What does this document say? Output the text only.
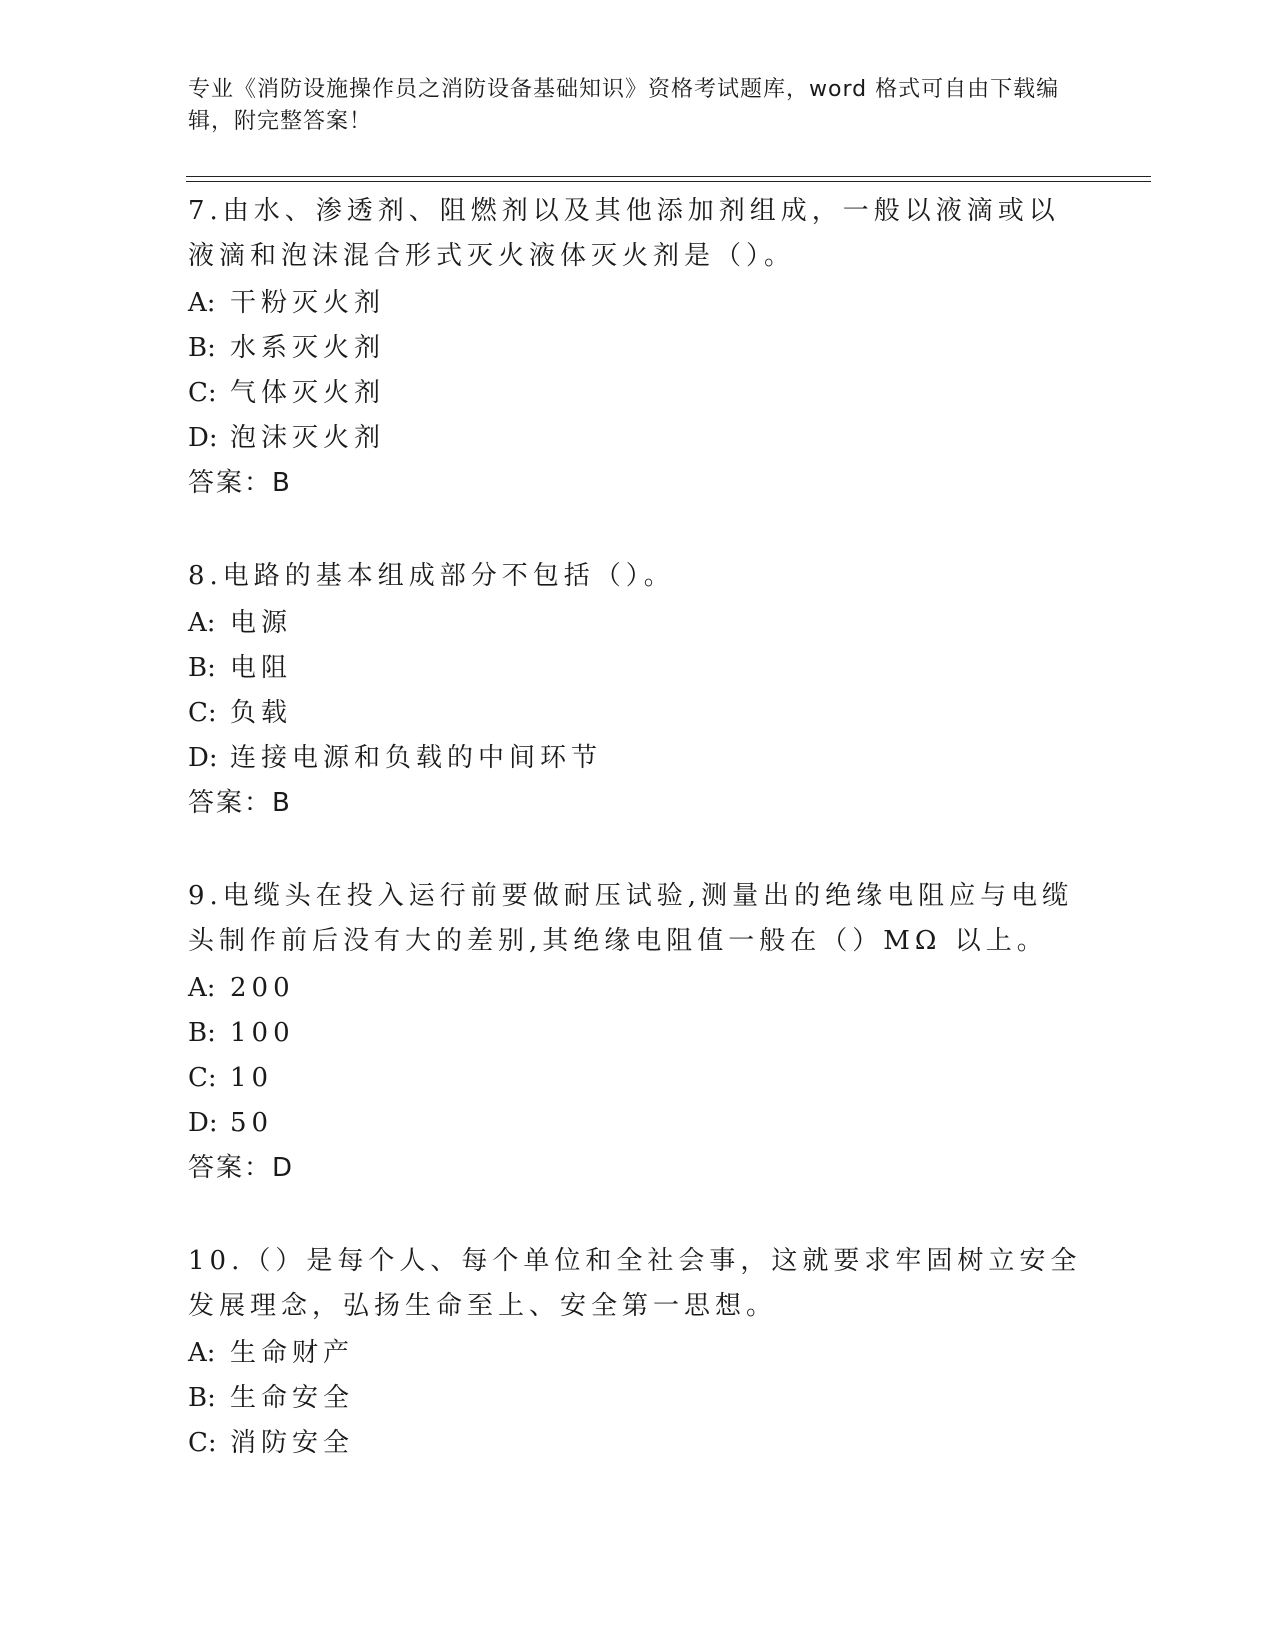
专业《消防设施操作员之消防设备基础知识》资格考试题库，word 格式可自由下载编辑，附完整答案！
7.由水、渗透剂、阻燃剂以及其他添加剂组成，一般以液滴或以液滴和泡沫混合形式灭火液体灭火剂是（）。
A: 干粉灭火剂
B: 水系灭火剂
C: 气体灭火剂
D: 泡沫灭火剂
答案：B
8.电路的基本组成部分不包括（）。
A: 电源
B: 电阻
C: 负载
D: 连接电源和负载的中间环节
答案：B
9.电缆头在投入运行前要做耐压试验,测量出的绝缘电阻应与电缆头制作前后没有大的差别,其绝缘电阻值一般在（）MΩ 以上。
A: 200
B: 100
C: 10
D: 50
答案：D
10.（）是每个人、每个单位和全社会事，这就要求牢固树立安全发展理念，弘扬生命至上、安全第一思想。
A: 生命财产
B: 生命安全
C: 消防安全
